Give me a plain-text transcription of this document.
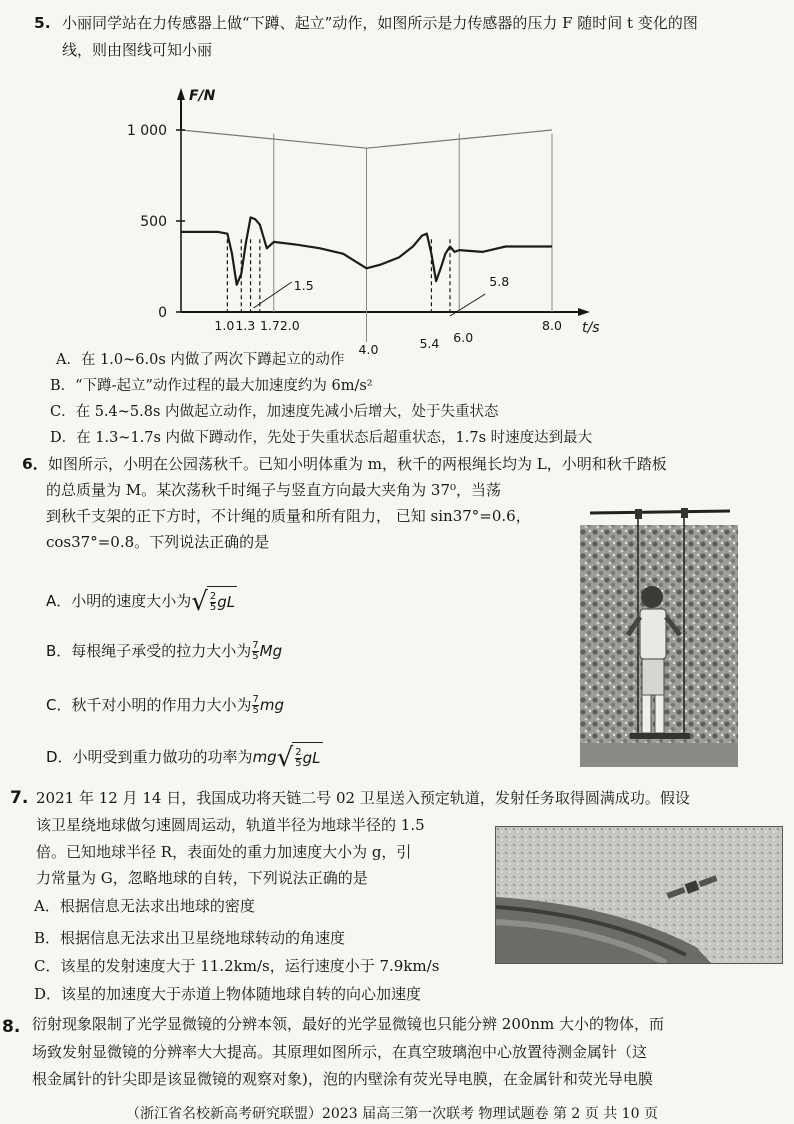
5. 小丽同学站在力传感器上做“下蹲、起立”动作，如图所示是力传感器的压力 F 随时间 t 变化的图
线，则由图线可知小丽
0
500
1 000
F/N
t/s
1.0 1.3
1.5
1.72.0
4.0	5.4 6.0
5.8
8.0
A．在 1.0~6.0s 内做了两次下蹲起立的动作
B．“下蹲-起立”动作过程的最大加速度约为 6m/s²
C．在 5.4~5.8s 内做起立动作，加速度先减小后增大，处于失重状态
D．在 1.3~1.7s 内做下蹲动作，先处于失重状态后超重状态，1.7s 时速度达到最大
6． 如图所示，小明在公园荡秋千。已知小明体重为 m，秋千的两根绳长均为 L，小明和秋千踏板
的总质量为 M。某次荡秋千时绳子与竖直方向最大夹角为 37⁰，当荡
到秋千支架的正下方时，不计绳的质量和所有阻力， 已知 sin37°=0.6，
cos37°=0.8。下列说法正确的是
A．小明的速度大小为 √ $\frac{2}{5}$ gL
B．每根绳子承受的拉力大小为 $\frac{7}{5}$ Mg
C．秋千对小明的作用力大小为 $\frac{7}{5}$ mg
D．小明受到重力做功的功率为mg √ $\frac{2}{5}$ gL
7. 2021 年 12 月 14 日，我国成功将天链二号 02 卫星送入预定轨道，发射任务取得圆满成功。假设
该卫星绕地球做匀速圆周运动，轨道半径为地球半径的 1.5
倍。已知地球半径 R，表面处的重力加速度大小为 g，引
力常量为 G，忽略地球的自转，下列说法正确的是
A．根据信息无法求出地球的密度
B．根据信息无法求出卫星绕地球转动的角速度
C．该星的发射速度大于 11.2km/s，运行速度小于 7.9km/s
D．该星的加速度大于赤道上物体随地球自转的向心加速度
8. 衍射现象限制了光学显微镜的分辨本领，最好的光学显微镜也只能分辨 200nm 大小的物体，而
场致发射显微镜的分辨率大大提高。其原理如图所示，在真空玻璃泡中心放置待测金属针（这
根金属针的针尖即是该显微镜的观察对象)，泡的内壁涂有荧光导电膜，在金属针和荧光导电膜
（浙江省名校新高考研究联盟）2023 届高三第一次联考 物理试题卷 第 2 页 共 10 页
